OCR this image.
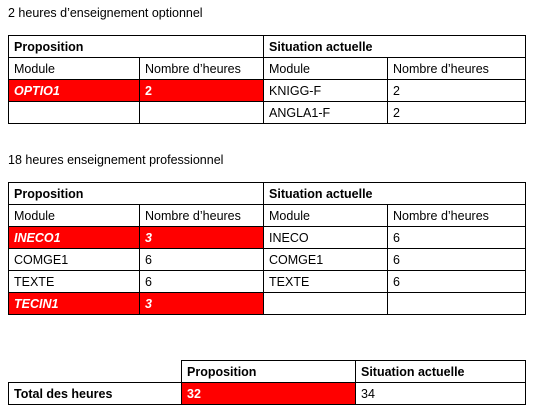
2 heures d’enseignement optionnel
Proposition		Situation actuelle	
Module	Nombre d’heures	Module	Nombre d’heures
OPTIO1	2	KNIGG-F	2
		ANGLA1-F	2
18 heures enseignement professionnel
Proposition		Situation actuelle	
Module	Nombre d’heures	Module	Nombre d’heures
INECO1	3	INECO	6
COMGE1	6	COMGE1	6
TEXTE	6	TEXTE	6
TECIN1	3		
	Proposition	Situation actuelle
Total des heures	32	34
